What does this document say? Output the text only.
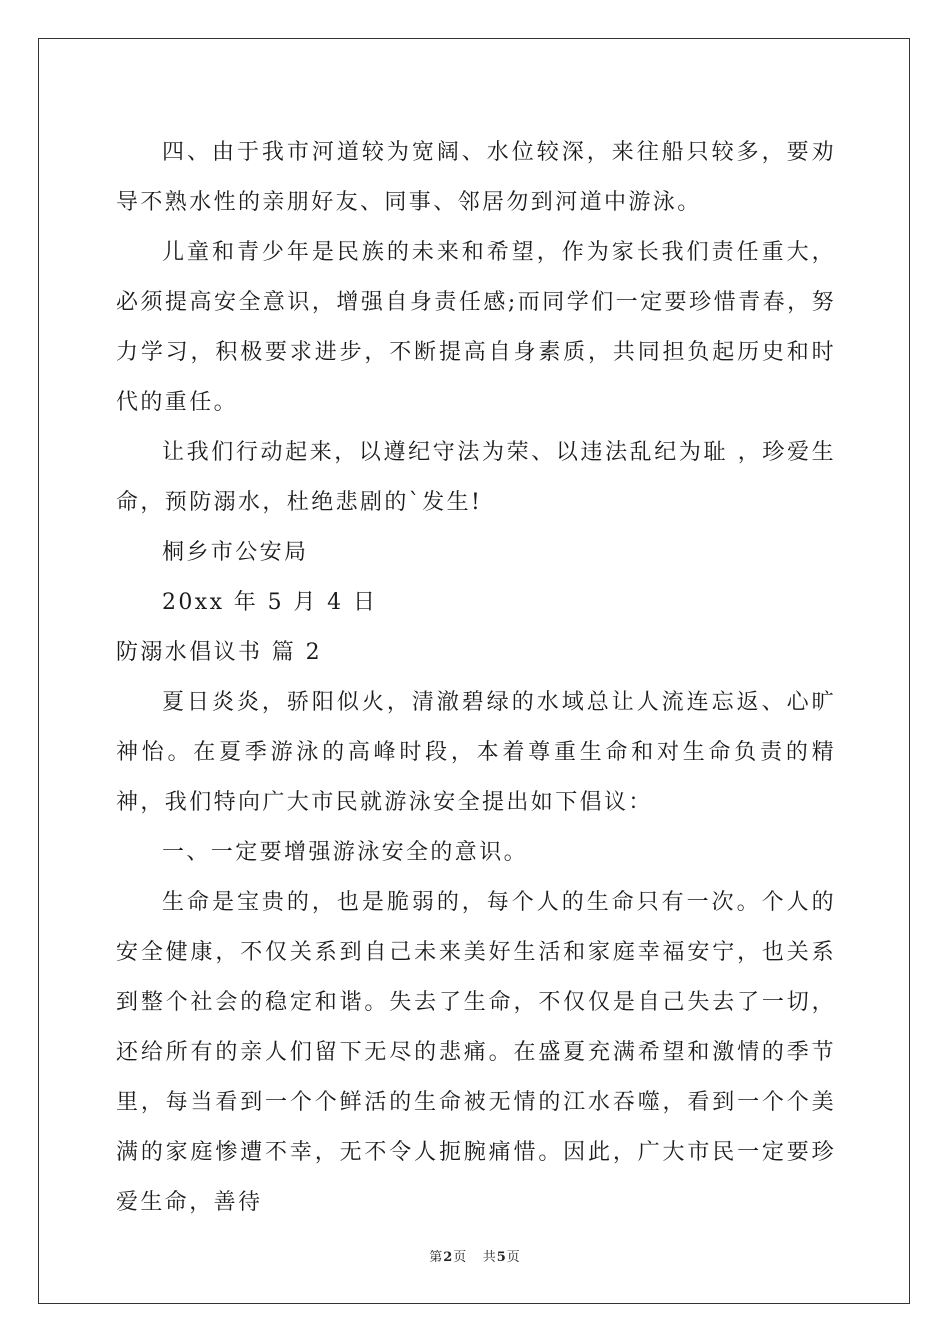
四、由于我市河道较为宽阔、水位较深，来往船只较多，要劝导不熟水性的亲朋好友、同事、邻居勿到河道中游泳。

儿童和青少年是民族的未来和希望，作为家长我们责任重大，必须提高安全意识，增强自身责任感;而同学们一定要珍惜青春，努力学习，积极要求进步，不断提高自身素质，共同担负起历史和时代的重任。

让我们行动起来，以遵纪守法为荣、以违法乱纪为耻 ，珍爱生命，预防溺水，杜绝悲剧的`发生!

桐乡市公安局

20xx 年 5 月 4 日

防溺水倡议书 篇 2

夏日炎炎，骄阳似火，清澈碧绿的水域总让人流连忘返、心旷神怡。在夏季游泳的高峰时段，本着尊重生命和对生命负责的精神，我们特向广大市民就游泳安全提出如下倡议：

一、一定要增强游泳安全的意识。

生命是宝贵的，也是脆弱的，每个人的生命只有一次。个人的安全健康，不仅关系到自己未来美好生活和家庭幸福安宁，也关系到整个社会的稳定和谐。失去了生命，不仅仅是自己失去了一切，还给所有的亲人们留下无尽的悲痛。在盛夏充满希望和激情的季节里，每当看到一个个鲜活的生命被无情的江水吞噬，看到一个个美满的家庭惨遭不幸，无不令人扼腕痛惜。因此，广大市民一定要珍爱生命，善待

第2页 共5页
